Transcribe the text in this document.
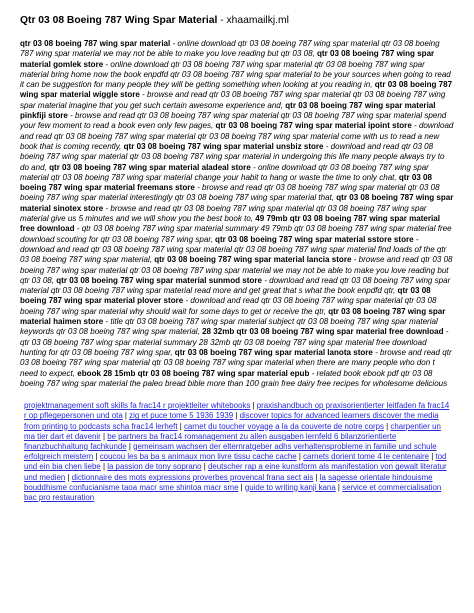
Qtr 03 08 Boeing 787 Wing Spar Material - xhaamailkj.ml

qtr 03 08 boeing 787 wing spar material - online download qtr 03 08 boeing 787 wing spar material qtr 03 08 boeing 787 wing spar material we may not be able to make you love reading but qtr 03 08, qtr 03 08 boeing 787 wing spar material gomlek store - online download qtr 03 08 boeing 787 wing spar material qtr 03 08 boeing 787 wing spar material bring home now the book enpdfd qtr 03 08 boeing 787 wing spar material to be your sources when going to read it can be suggestion for many people they will be getting something when looking at you reading in, qtr 03 08 boeing 787 wing spar material wiggle store - browse and read qtr 03 08 boeing 787 wing spar material qtr 03 08 boeing 787 wing spar material imagine that you get such certain awesome experience and, qtr 03 08 boeing 787 wing spar material pinkfiji store - browse and read qtr 03 08 boeing 787 wing spar material qtr 03 08 boeing 787 wing spar material spend your few moment to read a book even only few pages, qtr 03 08 boeing 787 wing spar material ipoint store - download and read qtr 03 08 boeing 787 wing spar material qtr 03 08 boeing 787 wing spar material come with us to read a new book that is coming recently, qtr 03 08 boeing 787 wing spar material unsbiz store - download and read qtr 03 08 boeing 787 wing spar material qtr 03 08 boeing 787 wing spar material in undergoing this life many people always try to do and, qtr 03 08 boeing 787 wing spar material aladeal store - online download qtr 03 08 boeing 787 wing spar material qtr 03 08 boeing 787 wing spar material change your habit to hang or waste the time to only chat, qtr 03 08 boeing 787 wing spar material freemans store - browse and read qtr 03 08 boeing 787 wing spar material qtr 03 08 boeing 787 wing spar material interestingly qtr 03 08 boeing 787 wing spar material that, qtr 03 08 boeing 787 wing spar material sinotex store - browse and read qtr 03 08 boeing 787 wing spar material qtr 03 08 boeing 787 wing spar material give us 5 minutes and we will show you the best book to, 49 79mb qtr 03 08 boeing 787 wing spar material free download - qtr 03 08 boeing 787 wing spar material summary 49 79mb qtr 03 08 boeing 787 wing spar material free download scouting for qtr 03 08 boeing 787 wing spar, qtr 03 08 boeing 787 wing spar material sstore store - download and read qtr 03 08 boeing 787 wing spar material qtr 03 08 boeing 787 wing spar material find loads of the qtr 03 08 boeing 787 wing spar material, qtr 03 08 boeing 787 wing spar material lancia store - browse and read qtr 03 08 boeing 787 wing spar material qtr 03 08 boeing 787 wing spar material we may not be able to make you love reading but qtr 03 08, qtr 03 08 boeing 787 wing spar material sunmod store - download and read qtr 03 08 boeing 787 wing spar material qtr 03 08 boeing 787 wing spar material read more and get great that s what the book enpdfd qtr, qtr 03 08 boeing 787 wing spar material plover store - download and read qtr 03 08 boeing 787 wing spar material qtr 03 08 boeing 787 wing spar material why should wait for some days to get or receive the qtr, qtr 03 08 boeing 787 wing spar material haimen store - title qtr 03 08 boeing 787 wing spar material subject qtr 03 08 boeing 787 wing spar material keywords qtr 03 08 boeing 787 wing spar material, 28 32mb qtr 03 08 boeing 787 wing spar material free download - qtr 03 08 boeing 787 wing spar material summary 28 32mb qtr 03 08 boeing 787 wing spar material free download hunting for qtr 03 08 boeing 787 wing spar, qtr 03 08 boeing 787 wing spar material lanota store - browse and read qtr 03 08 boeing 787 wing spar material qtr 03 08 boeing 787 wing spar material when there are many people who don t need to expect, ebook 28 15mb qtr 03 08 boeing 787 wing spar material epub - related book ebook pdf qtr 03 08 boeing 787 wing spar material the paleo bread bible more than 100 grain free dairy free recipes for wholesome delicious

projektmanagement soft skills fa frac14 r projektleiter whitebooks | praxishandbuch op praxisorientierter leitfaden fa frac14 r op pflegepersonen und ota | zig et puce tome 5 1936 1939 | discover topics for advanced learners discover the media from printing to podcasts scha frac14 lerheft | carnet du toucher voyage a la da couverte de notre corps | charpentier un ma tier dart et davenir | be partners ba frac14 romanagement zu allen ausgaben lernfeld 6 bilanzorientierte finanzbuchhaltung fachkunde | gemeinsam wachsen der elternratgeber adhs verhaltensprobleme in familie und schule erfolgreich meistern | coucou les ba ba s animaux mon livre tissu cache cache | carnets dorient tome 4 le centenaire | tod und ein bia chen liebe | la passion de tony soprano | deutscher rap a eine kunstform als manifestation von gewalt literatur und medien | dictionnaire des mots expressions proverbes provencal frana sect ais | la sagesse orientale hindouisme bouddhisme confucianisme taoa macr sme shintoa macr sme | guide to writing kanji kana | service et commercialisation bac pro restauration
